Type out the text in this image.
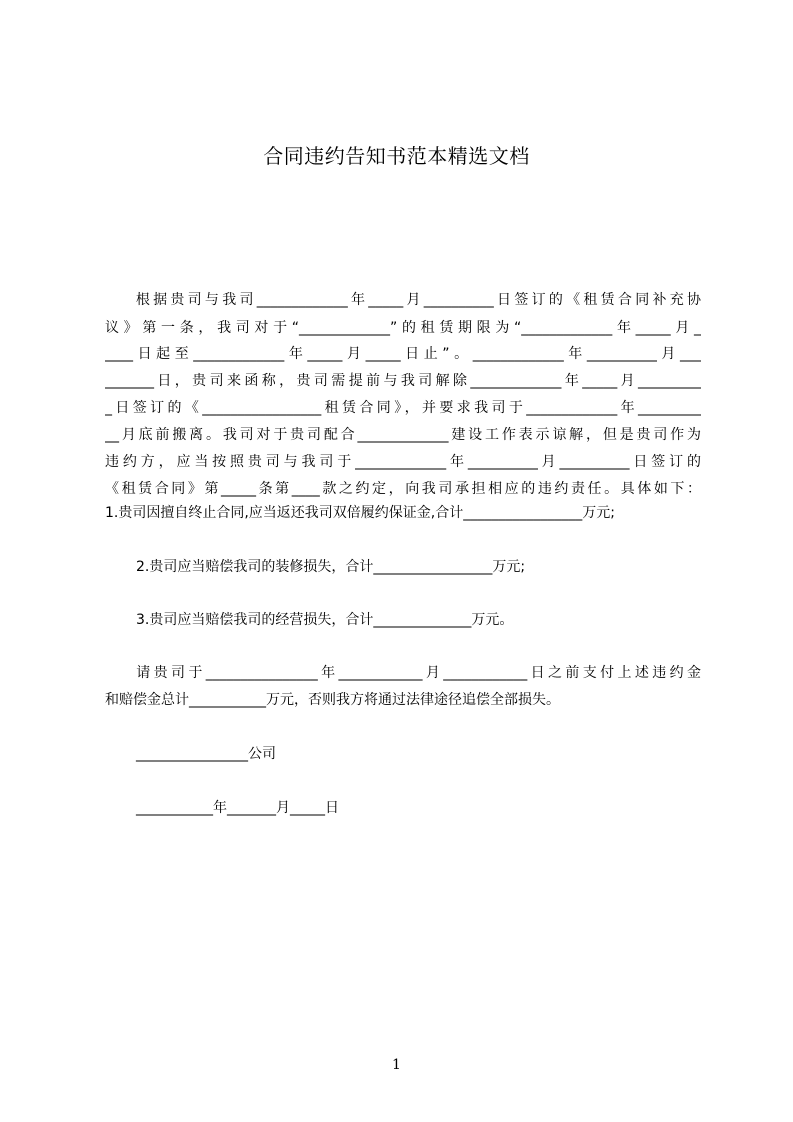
合同违约告知书范本精选文档
根据贵司与我司_____________年_____月__________日签订的《租赁合同补充协
议》第一条，我司对于“_____________”的租赁期限为“_____________年_____月_
____日起至_____________年_____月_____日止”。_____________年__________月___
_______日，贵司来函称，贵司需提前与我司解除_____________年_____月_________
_日签订的《_________________租赁合同》，并要求我司于_____________年_________
__月底前搬离。我司对于贵司配合_____________建设工作表示谅解，但是贵司作为
违约方，应当按照贵司与我司于_____________年__________月__________日签订的
《租赁合同》第_____条第____款之约定，向我司承担相应的违约责任。具体如下：
1.贵司因擅自终止合同,应当返还我司双倍履约保证金,合计_________________万元;
2.贵司应当赔偿我司的装修损失，合计_________________万元;
3.贵司应当赔偿我司的经营损失，合计______________万元。
请贵司于________________年____________月____________日之前支付上述违约金
和赔偿金总计___________万元，否则我方将通过法律途径追偿全部损失。
________________公司
___________年_______月_____日
1
